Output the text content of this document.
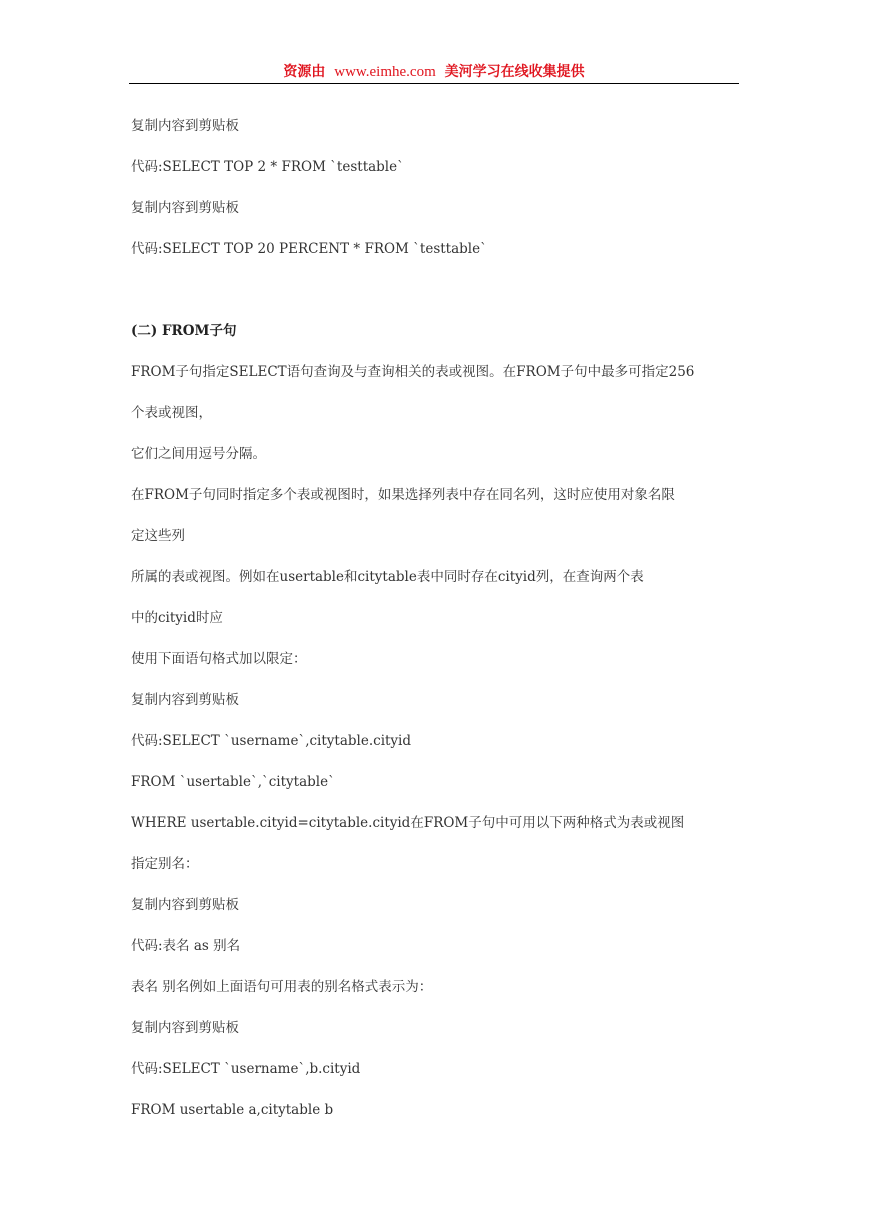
资源由 www.eimhe.com 美河学习在线收集提供
复制内容到剪贴板
代码:SELECT TOP 2 * FROM `testtable`
复制内容到剪贴板
代码:SELECT TOP 20 PERCENT * FROM `testtable`
(二) FROM子句
FROM子句指定SELECT语句查询及与查询相关的表或视图。在FROM子句中最多可指定256
个表或视图，
它们之间用逗号分隔。
在FROM子句同时指定多个表或视图时，如果选择列表中存在同名列，这时应使用对象名限
定这些列
所属的表或视图。例如在usertable和citytable表中同时存在cityid列，在查询两个表
中的cityid时应
使用下面语句格式加以限定：
复制内容到剪贴板
代码:SELECT `username`,citytable.cityid
FROM `usertable`,`citytable`
WHERE usertable.cityid=citytable.cityid在FROM子句中可用以下两种格式为表或视图
指定别名：
复制内容到剪贴板
代码:表名 as 别名
表名 别名例如上面语句可用表的别名格式表示为：
复制内容到剪贴板
代码:SELECT `username`,b.cityid
FROM usertable a,citytable b
